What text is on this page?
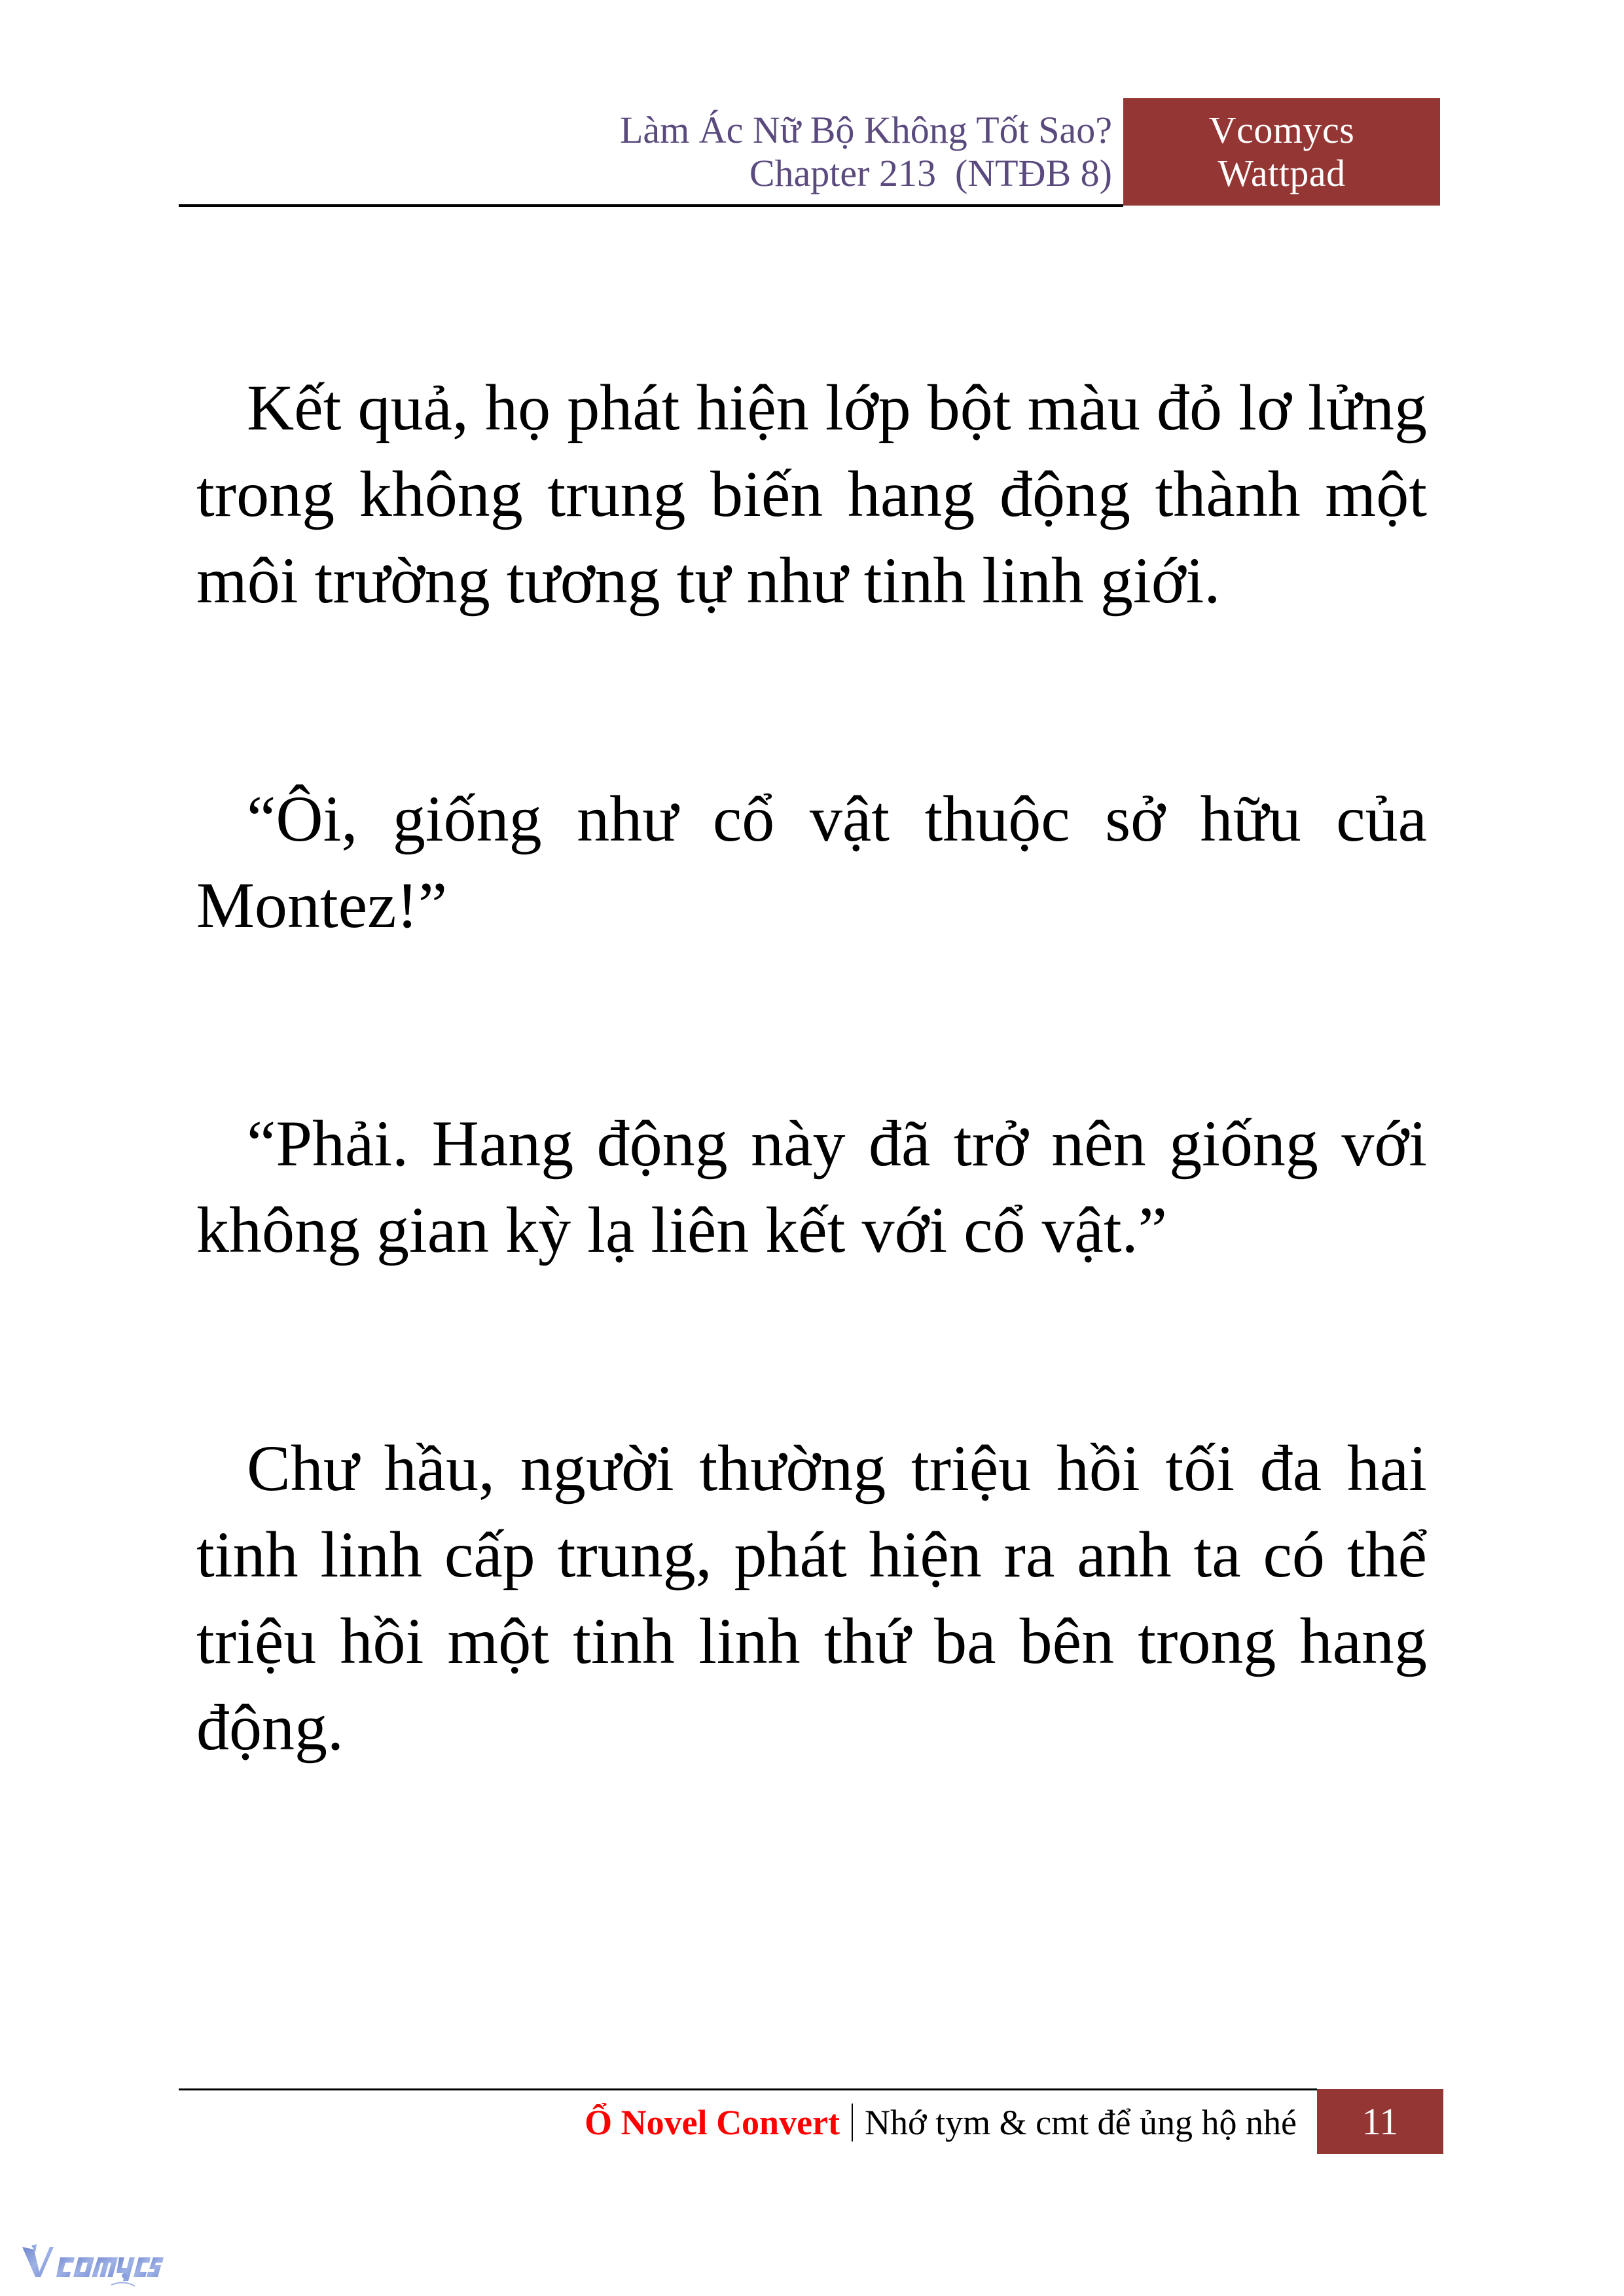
Làm Ác Nữ Bộ Không Tốt Sao?
Chapter 213  (NTĐB 8)
Vcomycs
Wattpad

Kết quả, họ phát hiện lớp bột màu đỏ lơ lửng trong không trung biến hang động thành một môi trường tương tự như tinh linh giới.

“Ôi, giống như cổ vật thuộc sở hữu của Montez!”

“Phải. Hang động này đã trở nên giống với không gian kỳ lạ liên kết với cổ vật.”

Chư hầu, người thường triệu hồi tối đa hai tinh linh cấp trung, phát hiện ra anh ta có thể triệu hồi một tinh linh thứ ba bên trong hang động.

Ổ Novel Convert Nhớ tym & cmt để ủng hộ nhé	11
